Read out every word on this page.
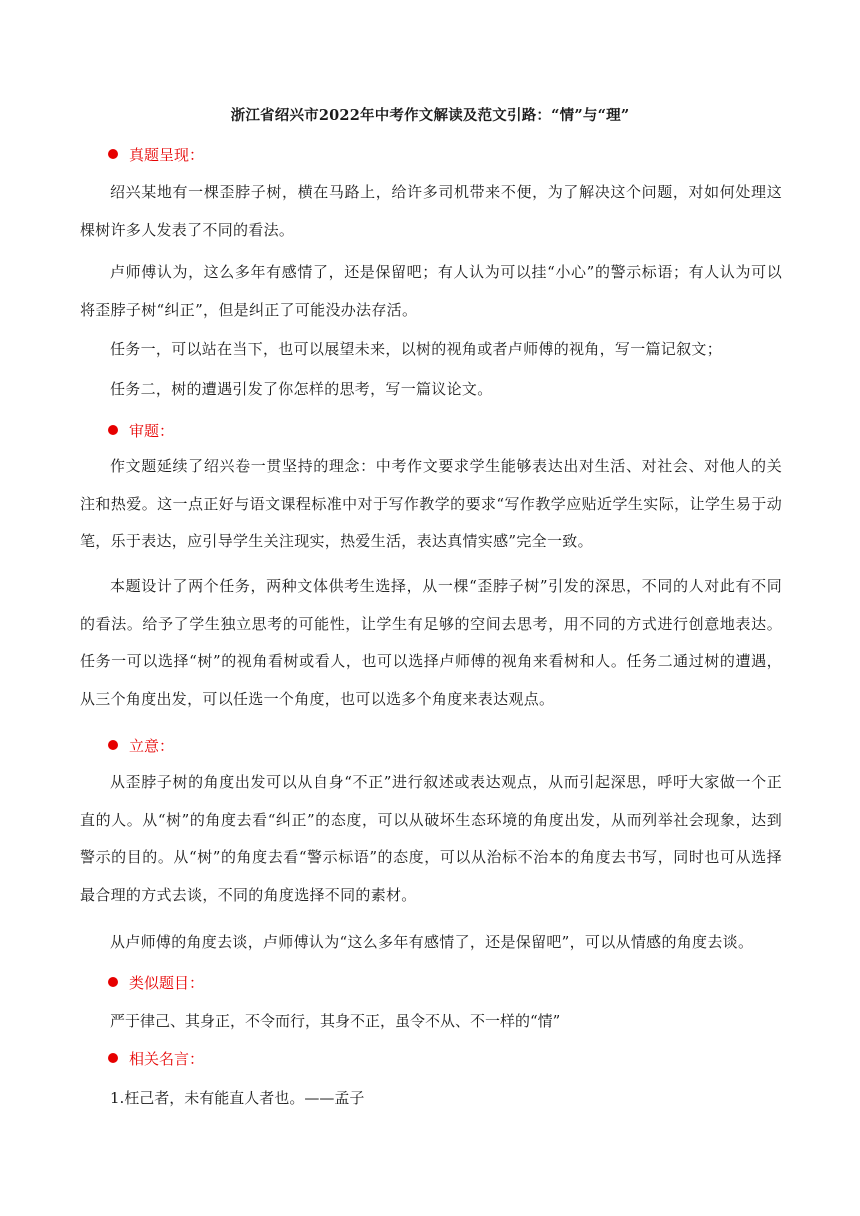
浙江省绍兴市2022年中考作文解读及范文引路：“情”与“理”
真题呈现：
绍兴某地有一棵歪脖子树，横在马路上，给许多司机带来不便，为了解决这个问题，对如何处理这棵树许多人发表了不同的看法。
卢师傅认为，这么多年有感情了，还是保留吧；有人认为可以挂“小心”的警示标语；有人认为可以将歪脖子树“纠正”，但是纠正了可能没办法存活。
任务一，可以站在当下，也可以展望未来，以树的视角或者卢师傅的视角，写一篇记叙文；
任务二，树的遭遇引发了你怎样的思考，写一篇议论文。
审题：
作文题延续了绍兴卷一贯坚持的理念：中考作文要求学生能够表达出对生活、对社会、对他人的关注和热爱。这一点正好与语文课程标准中对于写作教学的要求“写作教学应贴近学生实际，让学生易于动笔，乐于表达，应引导学生关注现实，热爱生活，表达真情实感”完全一致。
本题设计了两个任务，两种文体供考生选择，从一棵“歪脖子树”引发的深思，不同的人对此有不同的看法。给予了学生独立思考的可能性，让学生有足够的空间去思考，用不同的方式进行创意地表达。任务一可以选择“树”的视角看树或看人，也可以选择卢师傅的视角来看树和人。任务二通过树的遭遇，从三个角度出发，可以任选一个角度，也可以选多个角度来表达观点。
立意：
从歪脖子树的角度出发可以从自身“不正”进行叙述或表达观点，从而引起深思，呼吁大家做一个正直的人。从“树”的角度去看“纠正”的态度，可以从破坏生态环境的角度出发，从而列举社会现象，达到警示的目的。从“树”的角度去看“警示标语”的态度，可以从治标不治本的角度去书写，同时也可从选择最合理的方式去谈，不同的角度选择不同的素材。
从卢师傅的角度去谈，卢师傅认为“这么多年有感情了，还是保留吧”，可以从情感的角度去谈。
类似题目：
严于律己、其身正，不令而行，其身不正，虽令不从、不一样的“情”
相关名言：
1.枉己者，未有能直人者也。——孟子
